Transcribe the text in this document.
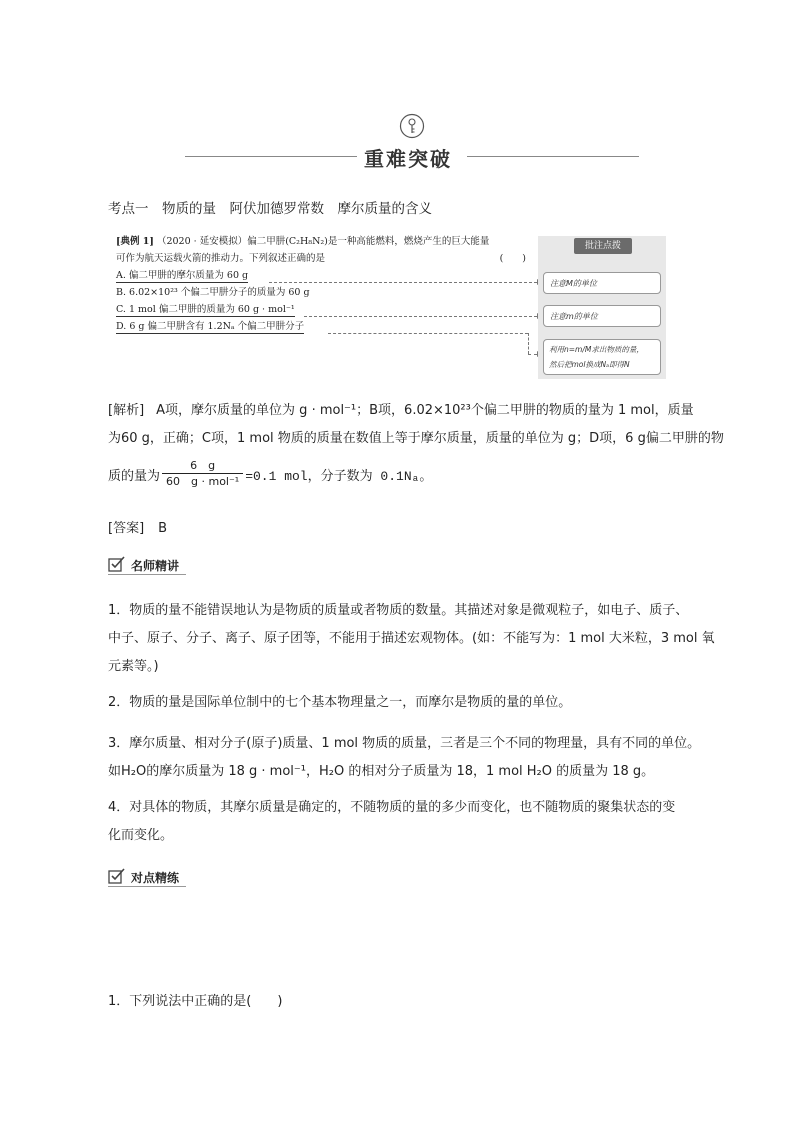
重难突破
考点一　物质的量　阿伏加德罗常数　摩尔质量的含义
[典例 1] （2020 · 延安模拟）偏二甲肼(C₂H₈N₂)是一种高能燃料，燃烧产生的巨大能量
可作为航天运载火箭的推动力。下列叙述正确的是	(　　)
A. 偏二甲肼的摩尔质量为 60 g
B. 6.02×10²³ 个偏二甲肼分子的质量为 60 g
C. 1 mol 偏二甲肼的质量为 60 g · mol⁻¹
D. 6 g 偏二甲肼含有 1.2Nₐ 个偏二甲肼分子
批注点拨
注意M的单位
注意m的单位
利用n=m/M求出物质的量，
然后把mol换成Nₐ即得N
[解析] A项，摩尔质量的单位为 g · mol⁻¹；B项，6.02×10²³个偏二甲肼的物质的量为 1 mol，质量
为60 g，正确；C项，1 mol 物质的质量在数值上等于摩尔质量，质量的单位为 g；D项，6 g偏二甲肼的物
质的量为
6　g
60　g · mol⁻¹ =0.1 mol，分子数为 0.1Nₐ。
[答案] B
名师精讲
1．物质的量不能错误地认为是物质的质量或者物质的数量。其描述对象是微观粒子，如电子、质子、
中子、原子、分子、离子、原子团等，不能用于描述宏观物体。(如：不能写为：1 mol 大米粒，3 mol 氧
元素等。)
2．物质的量是国际单位制中的七个基本物理量之一，而摩尔是物质的量的单位。
3．摩尔质量、相对分子(原子)质量、1 mol 物质的质量，三者是三个不同的物理量，具有不同的单位。
如H₂O的摩尔质量为 18 g · mol⁻¹，H₂O 的相对分子质量为 18，1 mol H₂O 的质量为 18 g。
4．对具体的物质，其摩尔质量是确定的，不随物质的量的多少而变化，也不随物质的聚集状态的变
化而变化。
对点精练
1．下列说法中正确的是(　　)
